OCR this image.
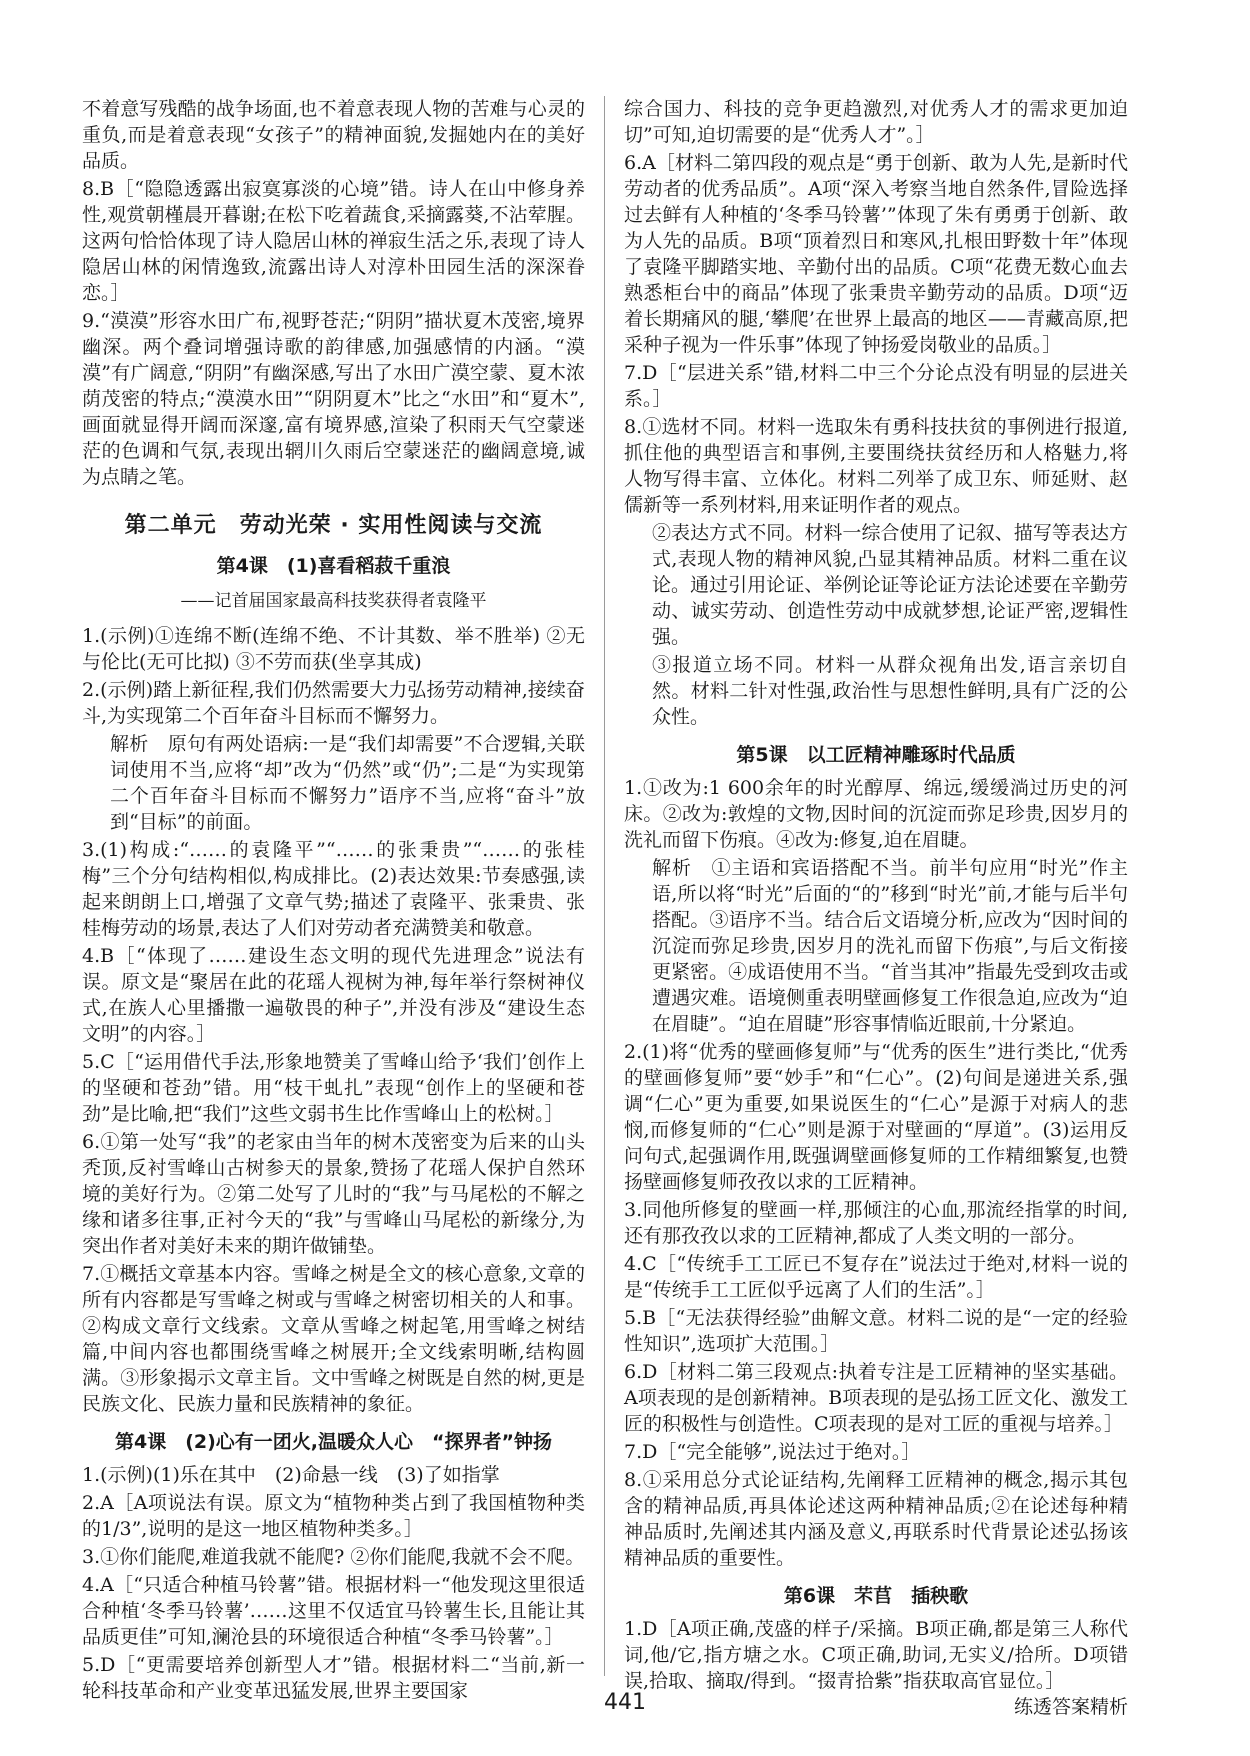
不着意写残酷的战争场面,也不着意表现人物的苦难与心灵的重负,而是着意表现“女孩子”的精神面貌,发掘她内在的美好品质。

8.B［“隐隐透露出寂寞寡淡的心境”错。诗人在山中修身养性,观赏朝槿晨开暮谢;在松下吃着蔬食,采摘露葵,不沾荤腥。这两句恰恰体现了诗人隐居山林的禅寂生活之乐,表现了诗人隐居山林的闲情逸致,流露出诗人对淳朴田园生活的深深眷恋。］

9.“漠漠”形容水田广布,视野苍茫;“阴阴”描状夏木茂密,境界幽深。两个叠词增强诗歌的韵律感,加强感情的内涵。“漠漠”有广阔意,“阴阴”有幽深感,写出了水田广漠空蒙、夏木浓荫茂密的特点;“漠漠水田”“阴阴夏木”比之“水田”和“夏木”,画面就显得开阔而深邃,富有境界感,渲染了积雨天气空蒙迷茫的色调和气氛,表现出辋川久雨后空蒙迷茫的幽阔意境,诚为点睛之笔。

第二单元　劳动光荣 · 实用性阅读与交流
第4课　(1)喜看稻菽千重浪
——记首届国家最高科技奖获得者袁隆平

1.(示例)①连绵不断(连绵不绝、不计其数、举不胜举) ②无与伦比(无可比拟) ③不劳而获(坐享其成)

2.(示例)踏上新征程,我们仍然需要大力弘扬劳动精神,接续奋斗,为实现第二个百年奋斗目标而不懈努力。

解析　原句有两处语病:一是“我们却需要”不合逻辑,关联词使用不当,应将“却”改为“仍然”或“仍”;二是“为实现第二个百年奋斗目标而不懈努力”语序不当,应将“奋斗”放到“目标”的前面。

3.(1)构成:“……的袁隆平”“……的张秉贵”“……的张桂梅”三个分句结构相似,构成排比。(2)表达效果:节奏感强,读起来朗朗上口,增强了文章气势;描述了袁隆平、张秉贵、张桂梅劳动的场景,表达了人们对劳动者充满赞美和敬意。

4.B［“体现了……建设生态文明的现代先进理念”说法有误。原文是“聚居在此的花瑶人视树为神,每年举行祭树神仪式,在族人心里播撒一遍敬畏的种子”,并没有涉及“建设生态文明”的内容。］

5.C［“运用借代手法,形象地赞美了雪峰山给予‘我们’创作上的坚硬和苍劲”错。用“枝干虬扎”表现“创作上的坚硬和苍劲”是比喻,把“我们”这些文弱书生比作雪峰山上的松树。］

6.①第一处写“我”的老家由当年的树木茂密变为后来的山头秃顶,反衬雪峰山古树参天的景象,赞扬了花瑶人保护自然环境的美好行为。②第二处写了儿时的“我”与马尾松的不解之缘和诸多往事,正衬今天的“我”与雪峰山马尾松的新缘分,为突出作者对美好未来的期许做铺垫。

7.①概括文章基本内容。雪峰之树是全文的核心意象,文章的所有内容都是写雪峰之树或与雪峰之树密切相关的人和事。②构成文章行文线索。文章从雪峰之树起笔,用雪峰之树结篇,中间内容也都围绕雪峰之树展开;全文线索明晰,结构圆满。③形象揭示文章主旨。文中雪峰之树既是自然的树,更是民族文化、民族力量和民族精神的象征。

第4课　(2)心有一团火,温暖众人心　“探界者”钟扬

1.(示例)(1)乐在其中　(2)命悬一线　(3)了如指掌

2.A［A项说法有误。原文为“植物种类占到了我国植物种类的1/3”,说明的是这一地区植物种类多。］

3.①你们能爬,难道我就不能爬? ②你们能爬,我就不会不爬。

4.A［“只适合种植马铃薯”错。根据材料一“他发现这里很适合种植‘冬季马铃薯’……这里不仅适宜马铃薯生长,且能让其品质更佳”可知,澜沧县的环境很适合种植“冬季马铃薯”。］

5.D［“更需要培养创新型人才”错。根据材料二“当前,新一轮科技革命和产业变革迅猛发展,世界主要国家

综合国力、科技的竞争更趋激烈,对优秀人才的需求更加迫切”可知,迫切需要的是“优秀人才”。］

6.A［材料二第四段的观点是“勇于创新、敢为人先,是新时代劳动者的优秀品质”。A项“深入考察当地自然条件,冒险选择过去鲜有人种植的‘冬季马铃薯’”体现了朱有勇勇于创新、敢为人先的品质。B项“顶着烈日和寒风,扎根田野数十年”体现了袁隆平脚踏实地、辛勤付出的品质。C项“花费无数心血去熟悉柜台中的商品”体现了张秉贵辛勤劳动的品质。D项“迈着长期痛风的腿,‘攀爬’在世界上最高的地区——青藏高原,把采种子视为一件乐事”体现了钟扬爱岗敬业的品质。］

7.D［“层进关系”错,材料二中三个分论点没有明显的层进关系。］

8.①选材不同。材料一选取朱有勇科技扶贫的事例进行报道,抓住他的典型语言和事例,主要围绕扶贫经历和人格魅力,将人物写得丰富、立体化。材料二列举了成卫东、师延财、赵儒新等一系列材料,用来证明作者的观点。

②表达方式不同。材料一综合使用了记叙、描写等表达方式,表现人物的精神风貌,凸显其精神品质。材料二重在议论。通过引用论证、举例论证等论证方法论述要在辛勤劳动、诚实劳动、创造性劳动中成就梦想,论证严密,逻辑性强。

③报道立场不同。材料一从群众视角出发,语言亲切自然。材料二针对性强,政治性与思想性鲜明,具有广泛的公众性。

第5课　以工匠精神雕琢时代品质

1.①改为:1 600余年的时光醇厚、绵远,缓缓淌过历史的河床。②改为:敦煌的文物,因时间的沉淀而弥足珍贵,因岁月的洗礼而留下伤痕。④改为:修复,迫在眉睫。

解析　①主语和宾语搭配不当。前半句应用“时光”作主语,所以将“时光”后面的“的”移到“时光”前,才能与后半句搭配。③语序不当。结合后文语境分析,应改为“因时间的沉淀而弥足珍贵,因岁月的洗礼而留下伤痕”,与后文衔接更紧密。④成语使用不当。“首当其冲”指最先受到攻击或遭遇灾难。语境侧重表明壁画修复工作很急迫,应改为“迫在眉睫”。“迫在眉睫”形容事情临近眼前,十分紧迫。

2.(1)将“优秀的壁画修复师”与“优秀的医生”进行类比,“优秀的壁画修复师”要“妙手”和“仁心”。(2)句间是递进关系,强调“仁心”更为重要,如果说医生的“仁心”是源于对病人的悲悯,而修复师的“仁心”则是源于对壁画的“厚道”。(3)运用反问句式,起强调作用,既强调壁画修复师的工作精细繁复,也赞扬壁画修复师孜孜以求的工匠精神。

3.同他所修复的壁画一样,那倾注的心血,那流经指掌的时间,还有那孜孜以求的工匠精神,都成了人类文明的一部分。

4.C［“传统手工工匠已不复存在”说法过于绝对,材料一说的是“传统手工工匠似乎远离了人们的生活”。］

5.B［“无法获得经验”曲解文意。材料二说的是“一定的经验性知识”,选项扩大范围。］

6.D［材料二第三段观点:执着专注是工匠精神的坚实基础。A项表现的是创新精神。B项表现的是弘扬工匠文化、激发工匠的积极性与创造性。C项表现的是对工匠的重视与培养。］

7.D［“完全能够”,说法过于绝对。］

8.①采用总分式论证结构,先阐释工匠精神的概念,揭示其包含的精神品质,再具体论述这两种精神品质;②在论述每种精神品质时,先阐述其内涵及意义,再联系时代背景论述弘扬该精神品质的重要性。

第6课　芣苢　插秧歌

1.D［A项正确,茂盛的样子/采摘。B项正确,都是第三人称代词,他/它,指方塘之水。C项正确,助词,无实义/拾所。D项错误,拾取、摘取/得到。“掇青拾紫”指获取高官显位。］

441	练透答案精析
